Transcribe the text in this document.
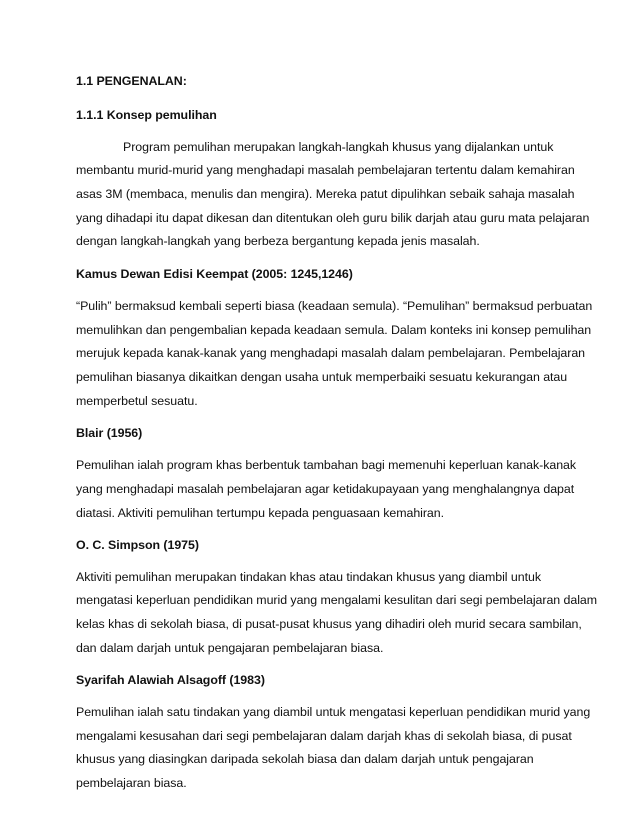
1.1 PENGENALAN:
1.1.1 Konsep pemulihan
Program pemulihan merupakan langkah-langkah khusus yang dijalankan untuk
membantu murid-murid yang menghadapi masalah pembelajaran tertentu dalam kemahiran
asas 3M (membaca, menulis dan mengira). Mereka patut dipulihkan sebaik sahaja masalah
yang dihadapi itu dapat dikesan dan ditentukan oleh guru bilik darjah atau guru mata pelajaran
dengan langkah-langkah yang berbeza bergantung kepada jenis masalah.
Kamus Dewan Edisi Keempat (2005: 1245,1246)
“Pulih” bermaksud kembali seperti biasa (keadaan semula). “Pemulihan” bermaksud perbuatan
memulihkan dan pengembalian kepada keadaan semula. Dalam konteks ini konsep pemulihan
merujuk kepada kanak-kanak yang menghadapi masalah dalam pembelajaran. Pembelajaran
pemulihan biasanya dikaitkan dengan usaha untuk memperbaiki sesuatu kekurangan atau
memperbetul sesuatu.
Blair (1956)
Pemulihan ialah program khas berbentuk tambahan bagi memenuhi keperluan kanak-kanak
yang menghadapi masalah pembelajaran agar ketidakupayaan yang menghalangnya dapat
diatasi. Aktiviti pemulihan tertumpu kepada penguasaan kemahiran.
O. C. Simpson (1975)
Aktiviti pemulihan merupakan tindakan khas atau tindakan khusus yang diambil untuk
mengatasi keperluan pendidikan murid yang mengalami kesulitan dari segi pembelajaran dalam
kelas khas di sekolah biasa, di pusat-pusat khusus yang dihadiri oleh murid secara sambilan,
dan dalam darjah untuk pengajaran pembelajaran biasa.
Syarifah Alawiah Alsagoff (1983)
Pemulihan ialah satu tindakan yang diambil untuk mengatasi keperluan pendidikan murid yang
mengalami kesusahan dari segi pembelajaran dalam darjah khas di sekolah biasa, di pusat
khusus yang diasingkan daripada sekolah biasa dan dalam darjah untuk pengajaran
pembelajaran biasa.
